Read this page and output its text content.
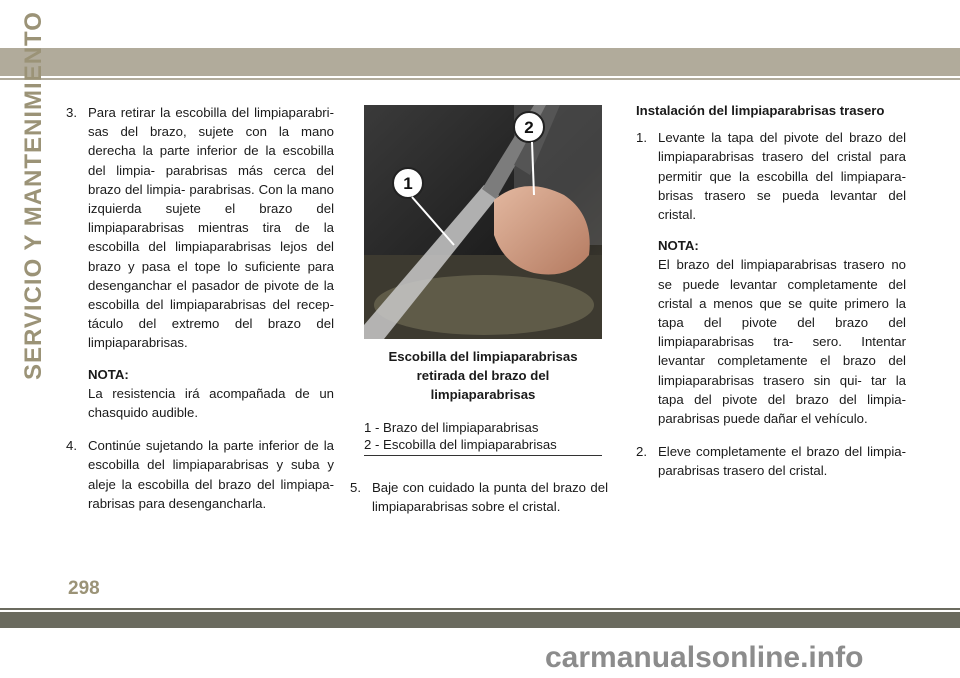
SERVICIO Y MANTENIMIENTO 3. Para retirar la escobilla del limpiaparabri- sas del brazo, sujete con la mano derecha la parte inferior de la escobilla del limpia- parabrisas más cerca del brazo del limpia- parabrisas. Con la mano izquierda sujete el brazo del limpiaparabrisas mientras tira de la escobilla del limpiaparabrisas lejos del brazo y pasa el tope lo suficiente para desenganchar el pasador de pivote de la escobilla del limpiaparabrisas del recep- táculo del extremo del brazo del limpiaparabrisas.
NOTA:
La resistencia irá acompañada de un chasquido audible.
4. Continúe sujetando la parte inferior de la escobilla del limpiaparabrisas y suba y aleje la escobilla del brazo del limpiapa- rabrisas para desengancharla.
1
2
Escobilla del limpiaparabrisas retirada del brazo del limpiaparabrisas
1 - Brazo del limpiaparabrisas
2 - Escobilla del limpiaparabrisas
5. Baje con cuidado la punta del brazo del limpiaparabrisas sobre el cristal.
Instalación del limpiaparabrisas trasero
1. Levante la tapa del pivote del brazo del limpiaparabrisas trasero del cristal para permitir que la escobilla del limpiapara- brisas trasero se pueda levantar del cristal.
NOTA:
El brazo del limpiaparabrisas trasero no se puede levantar completamente del cristal a menos que se quite primero la tapa del pivote del brazo del limpiaparabrisas tra- sero. Intentar levantar completamente el brazo del limpiaparabrisas trasero sin qui- tar la tapa del pivote del brazo del limpia- parabrisas puede dañar el vehículo.
2. Eleve completamente el brazo del limpia- parabrisas trasero del cristal.
298
carmanualsonline.info
